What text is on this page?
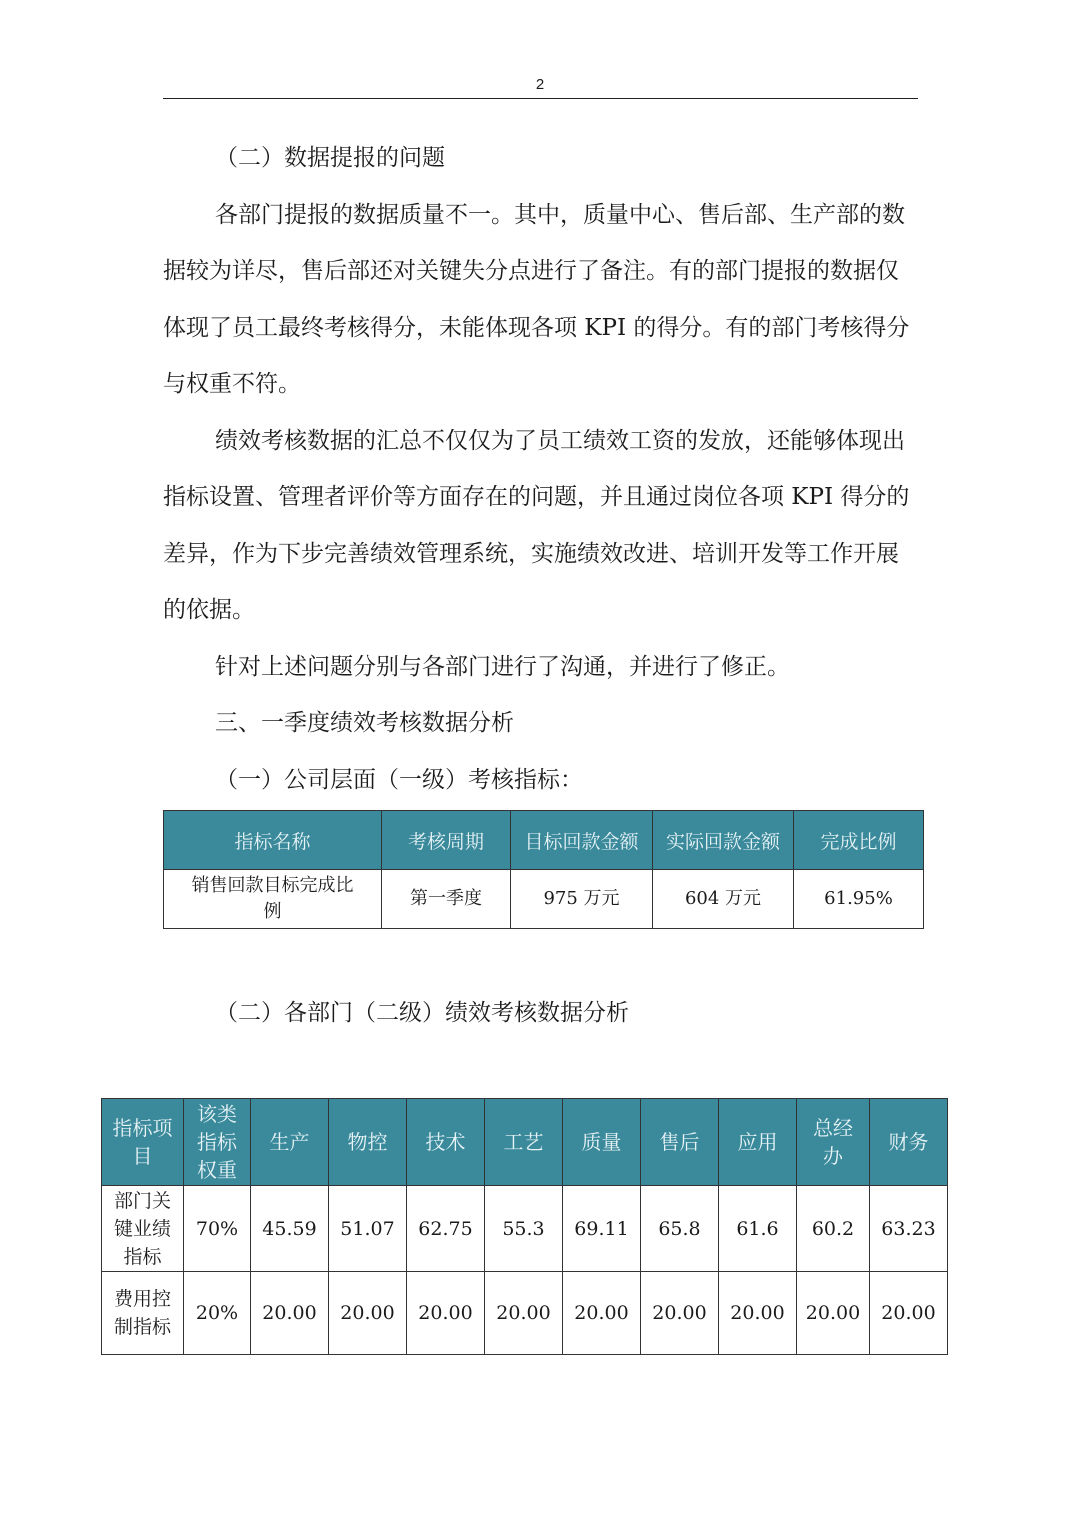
2

（二）数据提报的问题

各部门提报的数据质量不一。其中，质量中心、售后部、生产部的数据较为详尽，售后部还对关键失分点进行了备注。有的部门提报的数据仅体现了员工最终考核得分，未能体现各项 KPI 的得分。有的部门考核得分与权重不符。

绩效考核数据的汇总不仅仅为了员工绩效工资的发放，还能够体现出指标设置、管理者评价等方面存在的问题，并且通过岗位各项 KPI 得分的差异，作为下步完善绩效管理系统，实施绩效改进、培训开发等工作开展的依据。

针对上述问题分别与各部门进行了沟通，并进行了修正。

三、一季度绩效考核数据分析

（一）公司层面（一级）考核指标：

指标名称	考核周期	目标回款金额	实际回款金额	完成比例
销售回款目标完成比例	第一季度	975 万元	604 万元	61.95%
（二）各部门（二级）绩效考核数据分析
指标项目	该类指标权重	生产	物控	技术	工艺	质量	售后	应用	总经办	财务
部门关键业绩指标	70%	45.59	51.07	62.75	55.3	69.11	65.8	61.6	60.2	63.23
费用控制指标	20%	20.00	20.00	20.00	20.00	20.00	20.00	20.00	20.00	20.00
